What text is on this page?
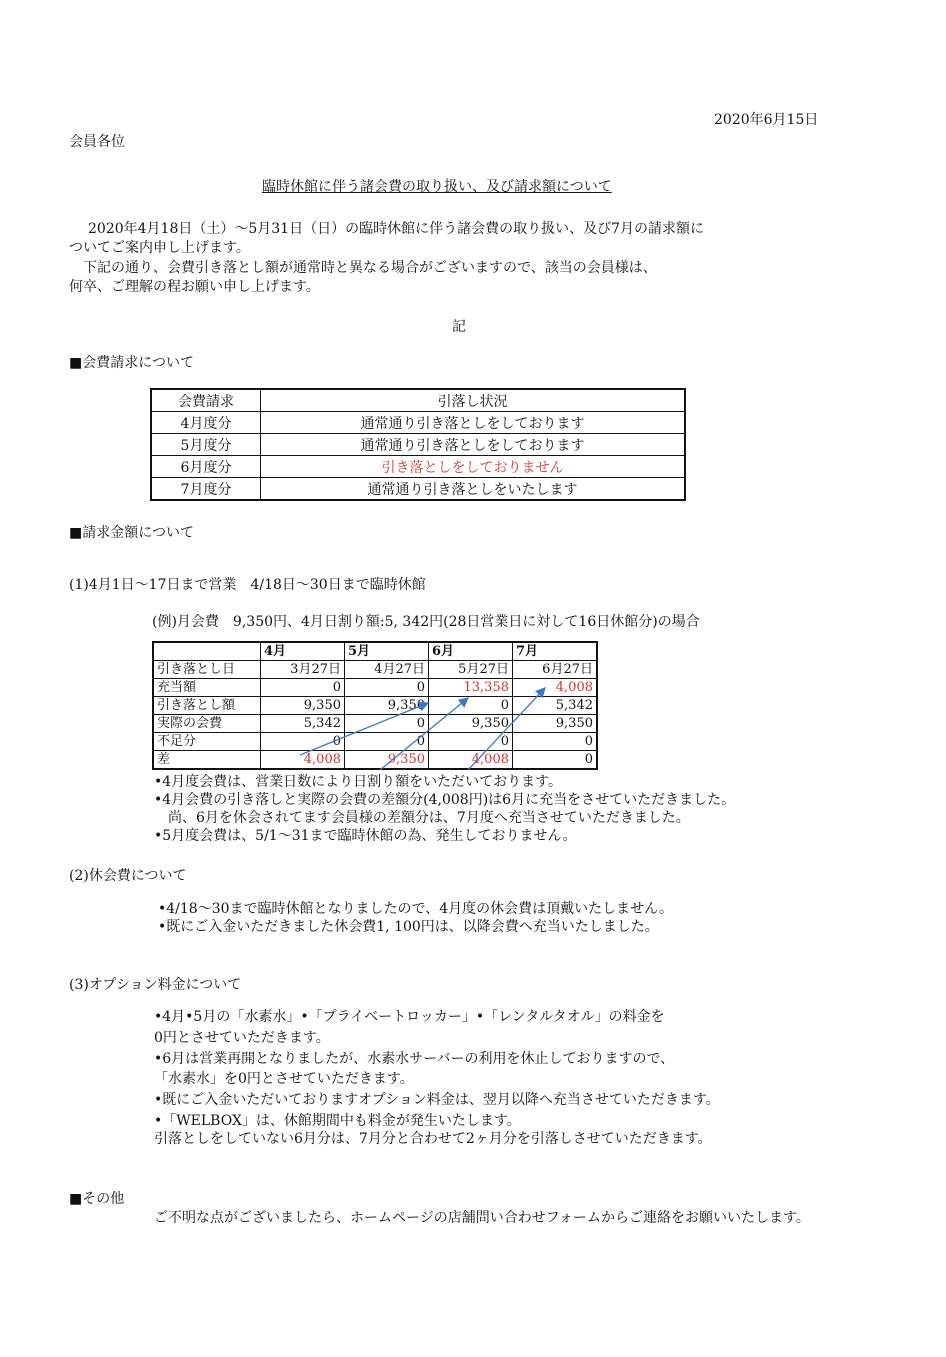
2020年6月15日
会員各位
臨時休館に伴う諸会費の取り扱い、及び請求額について
2020年4月18日（土）～5月31日（日）の臨時休館に伴う諸会費の取り扱い、及び7月の請求額に
ついてご案内申し上げます。
下記の通り、会費引き落とし額が通常時と異なる場合がございますので、該当の会員様は、
何卒、ご理解の程お願い申し上げます。
記
■会費請求について
会費請求	引落し状況
4月度分	通常通り引き落としをしております
5月度分	通常通り引き落としをしております
6月度分	引き落としをしておりません
7月度分	通常通り引き落としをいたします
■請求金額について
(1)4月1日～17日まで営業　4/18日～30日まで臨時休館
(例)月会費　9,350円、4月日割り額:5, 342円(28日営業日に対して16日休館分)の場合
	4月	5月	6月	7月
引き落とし日	3月27日	4月27日	5月27日	6月27日
充当額	0	0	13,358	4,008
引き落とし額	9,350	9,350	0	5,342
実際の会費	5,342	0	9,350	9,350
不足分	0	0	0	0
差	4,008	9,350	4,008	0
•4月度会費は、営業日数により日割り額をいただいております。
•4月会費の引き落しと実際の会費の差額分(4,008円)は6月に充当をさせていただきました。
尚、6月を休会されてます会員様の差額分は、7月度へ充当させていただきました。
•5月度会費は、5/1～31まで臨時休館の為、発生しておりません。
(2)休会費について
•4/18～30まで臨時休館となりましたので、4月度の休会費は頂戴いたしません。
•既にご入金いただきました休会費1, 100円は、以降会費へ充当いたしました。
(3)オプション料金について
•4月•5月の「水素水」•「プライベートロッカー」•「レンタルタオル」の料金を
0円とさせていただきます。
•6月は営業再開となりましたが、水素水サーバーの利用を休止しておりますので、
「水素水」を0円とさせていただきます。
•既にご入金いただいておりますオプション料金は、翌月以降へ充当させていただきます。
•「WELBOX」は、休館期間中も料金が発生いたします。
引落としをしていない6月分は、7月分と合わせて2ヶ月分を引落しさせていただきます。
■その他
ご不明な点がございましたら、ホームページの店舗問い合わせフォームからご連絡をお願いいたします。
